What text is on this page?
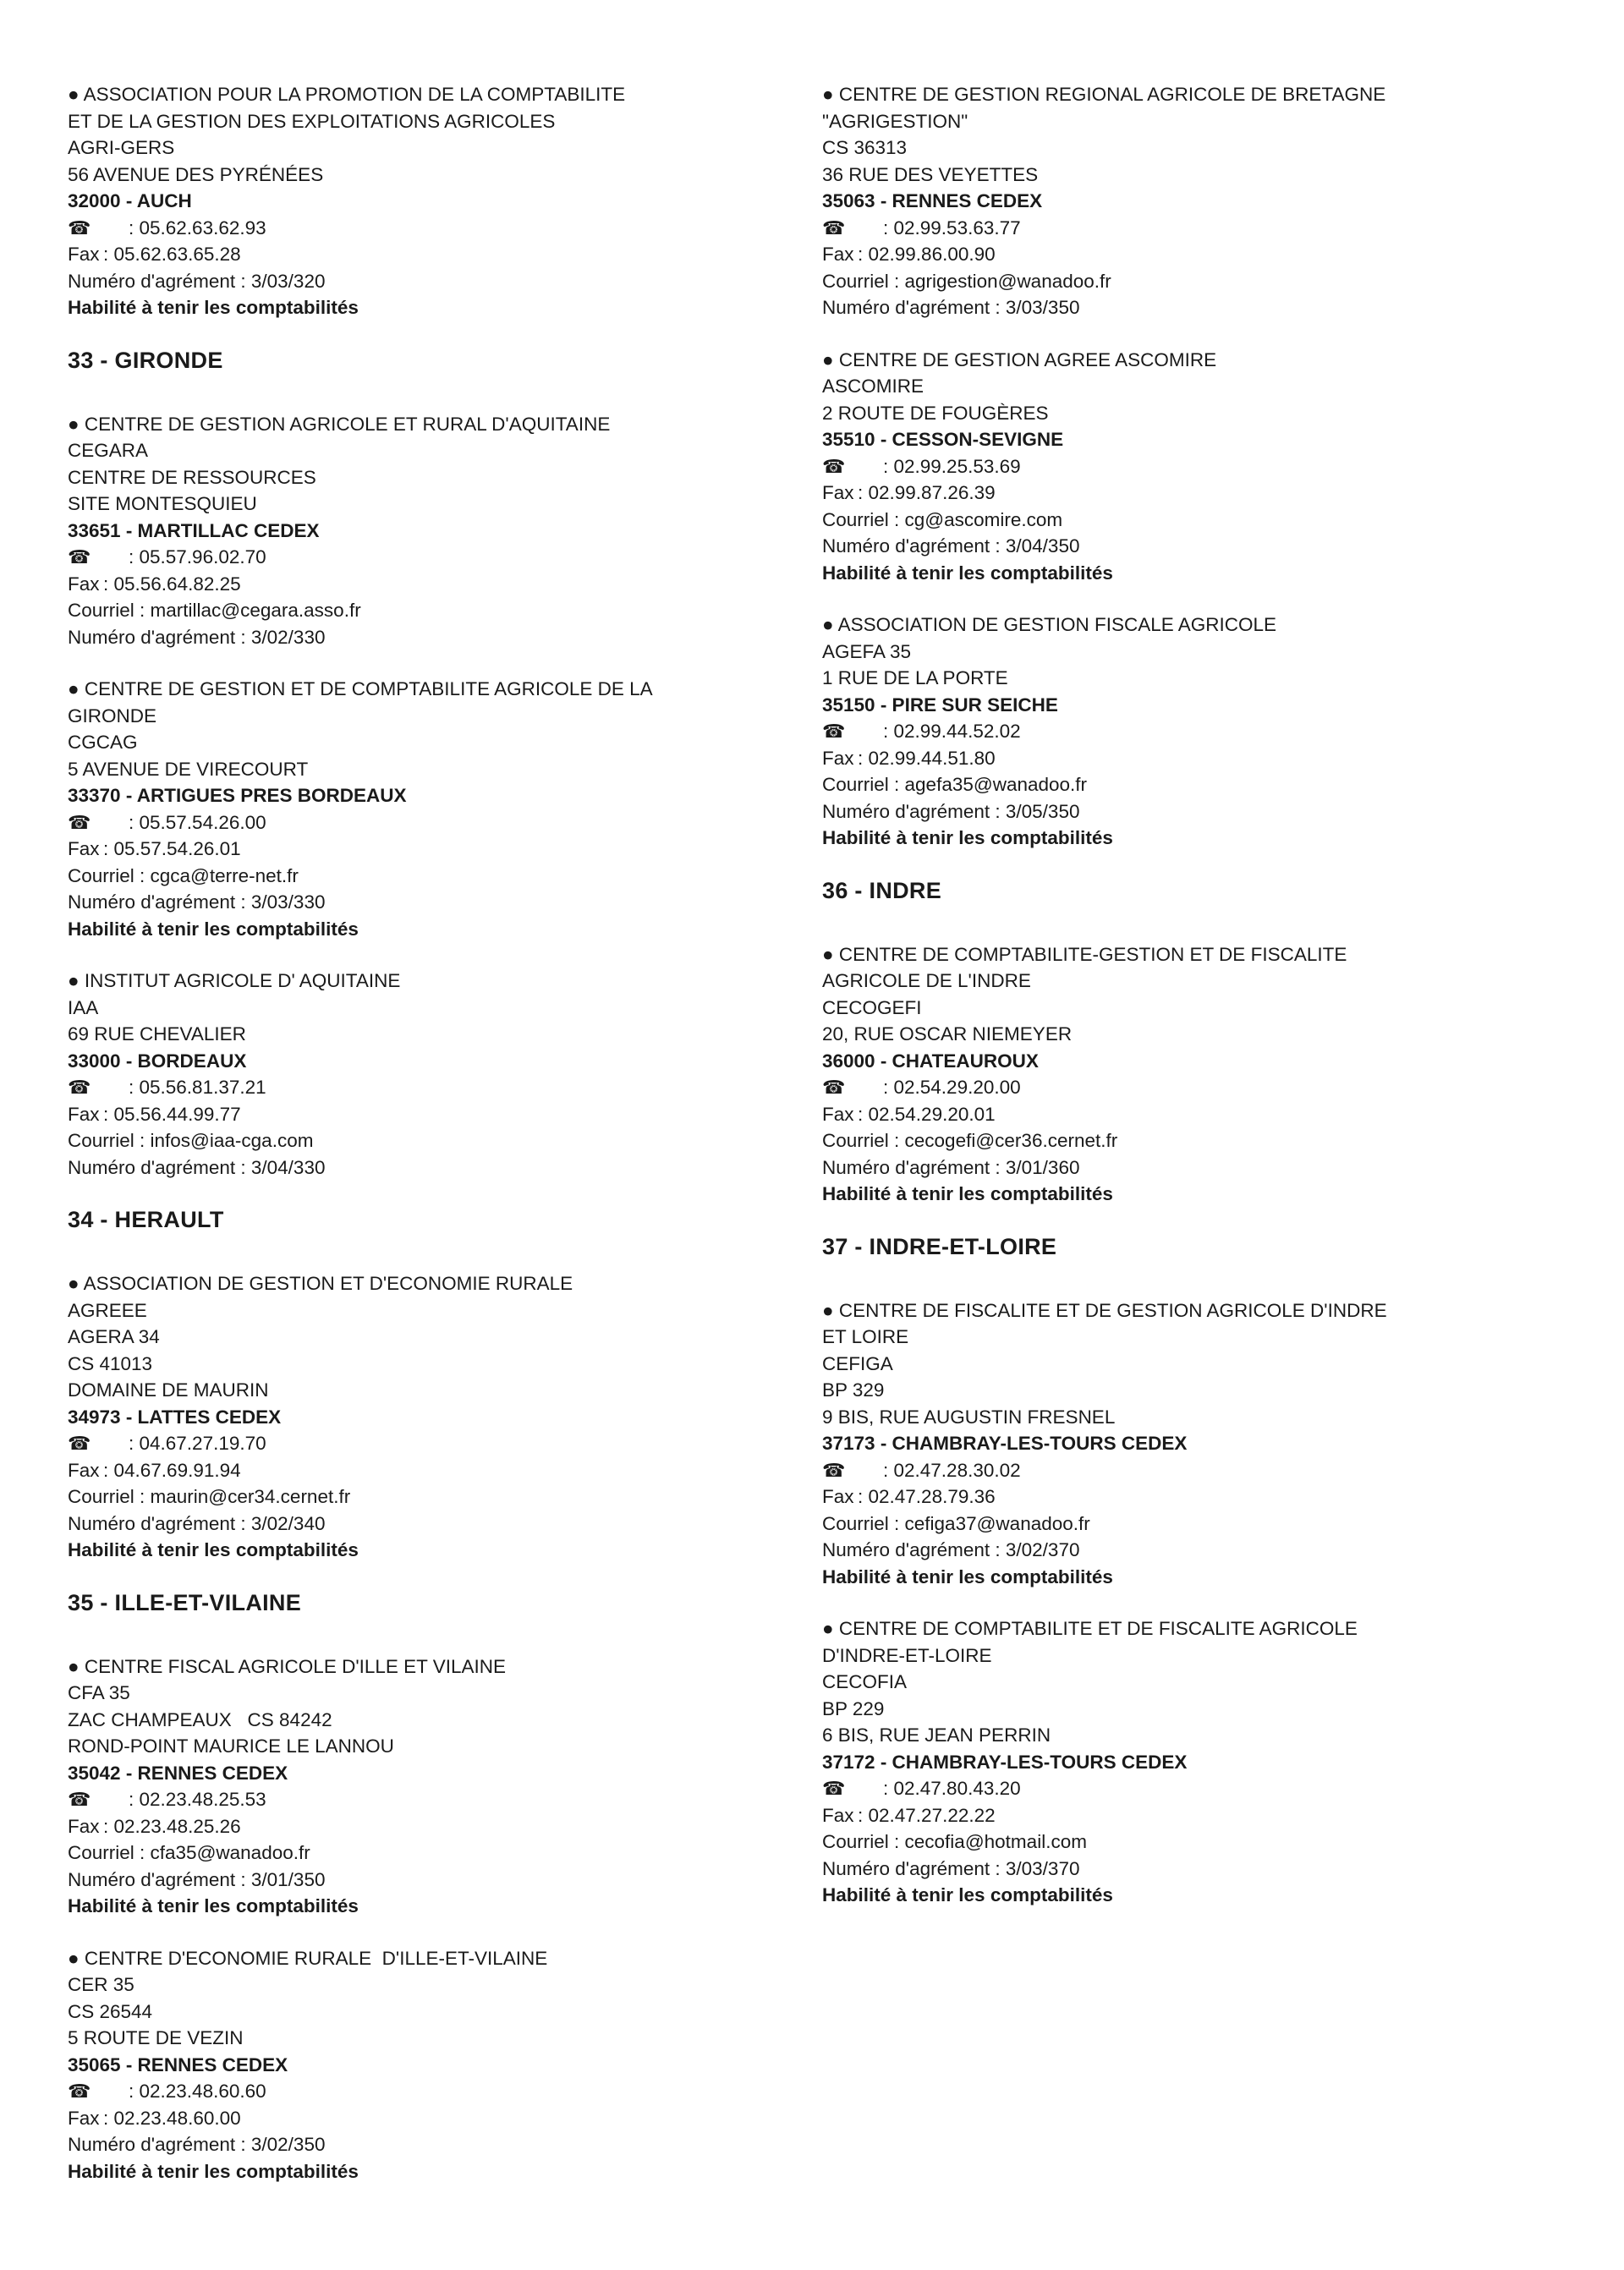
● ASSOCIATION POUR LA PROMOTION DE LA COMPTABILITE
ET DE LA GESTION DES EXPLOITATIONS AGRICOLES
AGRI-GERS
56 AVENUE DES PYRÉNÉES
32000 - AUCH
☎ : 05.62.63.62.93
Fax : 05.62.63.65.28
Numéro d'agrément : 3/03/320
Habilité à tenir les comptabilités
33 - GIRONDE
● CENTRE DE GESTION AGRICOLE ET RURAL D'AQUITAINE
CEGARA
CENTRE DE RESSOURCES
SITE MONTESQUIEU
33651 - MARTILLAC CEDEX
☎ : 05.57.96.02.70
Fax : 05.56.64.82.25
Courriel : martillac@cegara.asso.fr
Numéro d'agrément : 3/02/330
● CENTRE DE GESTION ET DE COMPTABILITE AGRICOLE DE LA
GIRONDE
CGCAG
5 AVENUE DE VIRECOURT
33370 - ARTIGUES PRES BORDEAUX
☎ : 05.57.54.26.00
Fax : 05.57.54.26.01
Courriel : cgca@terre-net.fr
Numéro d'agrément : 3/03/330
Habilité à tenir les comptabilités
● INSTITUT AGRICOLE D' AQUITAINE
IAA
69 RUE CHEVALIER
33000 - BORDEAUX
☎ : 05.56.81.37.21
Fax : 05.56.44.99.77
Courriel : infos@iaa-cga.com
Numéro d'agrément : 3/04/330
34 - HERAULT
● ASSOCIATION DE GESTION ET D'ECONOMIE RURALE
AGREEE
AGERA 34
CS 41013
DOMAINE DE MAURIN
34973 - LATTES CEDEX
☎ : 04.67.27.19.70
Fax : 04.67.69.91.94
Courriel : maurin@cer34.cernet.fr
Numéro d'agrément : 3/02/340
Habilité à tenir les comptabilités
35 - ILLE-ET-VILAINE
● CENTRE FISCAL AGRICOLE D'ILLE ET VILAINE
CFA 35
ZAC CHAMPEAUX   CS 84242
ROND-POINT MAURICE LE LANNOU
35042 - RENNES CEDEX
☎ : 02.23.48.25.53
Fax : 02.23.48.25.26
Courriel : cfa35@wanadoo.fr
Numéro d'agrément : 3/01/350
Habilité à tenir les comptabilités
● CENTRE D'ECONOMIE RURALE  D'ILLE-ET-VILAINE
CER 35
CS 26544
5 ROUTE DE VEZIN
35065 - RENNES CEDEX
☎ : 02.23.48.60.60
Fax : 02.23.48.60.00
Numéro d'agrément : 3/02/350
Habilité à tenir les comptabilités
● CENTRE DE GESTION REGIONAL AGRICOLE DE BRETAGNE
"AGRIGESTION"
CS 36313
36 RUE DES VEYETTES
35063 - RENNES CEDEX
☎ : 02.99.53.63.77
Fax : 02.99.86.00.90
Courriel : agrigestion@wanadoo.fr
Numéro d'agrément : 3/03/350
● CENTRE DE GESTION AGREE ASCOMIRE
ASCOMIRE
2 ROUTE DE FOUGÈRES
35510 - CESSON-SEVIGNE
☎ : 02.99.25.53.69
Fax : 02.99.87.26.39
Courriel : cg@ascomire.com
Numéro d'agrément : 3/04/350
Habilité à tenir les comptabilités
● ASSOCIATION DE GESTION FISCALE AGRICOLE
AGEFA 35
1 RUE DE LA PORTE
35150 - PIRE SUR SEICHE
☎ : 02.99.44.52.02
Fax : 02.99.44.51.80
Courriel : agefa35@wanadoo.fr
Numéro d'agrément : 3/05/350
Habilité à tenir les comptabilités
36 - INDRE
● CENTRE DE COMPTABILITE-GESTION ET DE FISCALITE
AGRICOLE DE L'INDRE
CECOGEFI
20, RUE OSCAR NIEMEYER
36000 - CHATEAUROUX
☎ : 02.54.29.20.00
Fax : 02.54.29.20.01
Courriel : cecogefi@cer36.cernet.fr
Numéro d'agrément : 3/01/360
Habilité à tenir les comptabilités
37 - INDRE-ET-LOIRE
● CENTRE DE FISCALITE ET DE GESTION AGRICOLE D'INDRE
ET LOIRE
CEFIGA
BP 329
9 BIS, RUE AUGUSTIN FRESNEL
37173 - CHAMBRAY-LES-TOURS CEDEX
☎ : 02.47.28.30.02
Fax : 02.47.28.79.36
Courriel : cefiga37@wanadoo.fr
Numéro d'agrément : 3/02/370
Habilité à tenir les comptabilités
● CENTRE DE COMPTABILITE ET DE FISCALITE AGRICOLE
D'INDRE-ET-LOIRE
CECOFIA
BP 229
6 BIS, RUE JEAN PERRIN
37172 - CHAMBRAY-LES-TOURS CEDEX
☎ : 02.47.80.43.20
Fax : 02.47.27.22.22
Courriel : cecofia@hotmail.com
Numéro d'agrément : 3/03/370
Habilité à tenir les comptabilités
